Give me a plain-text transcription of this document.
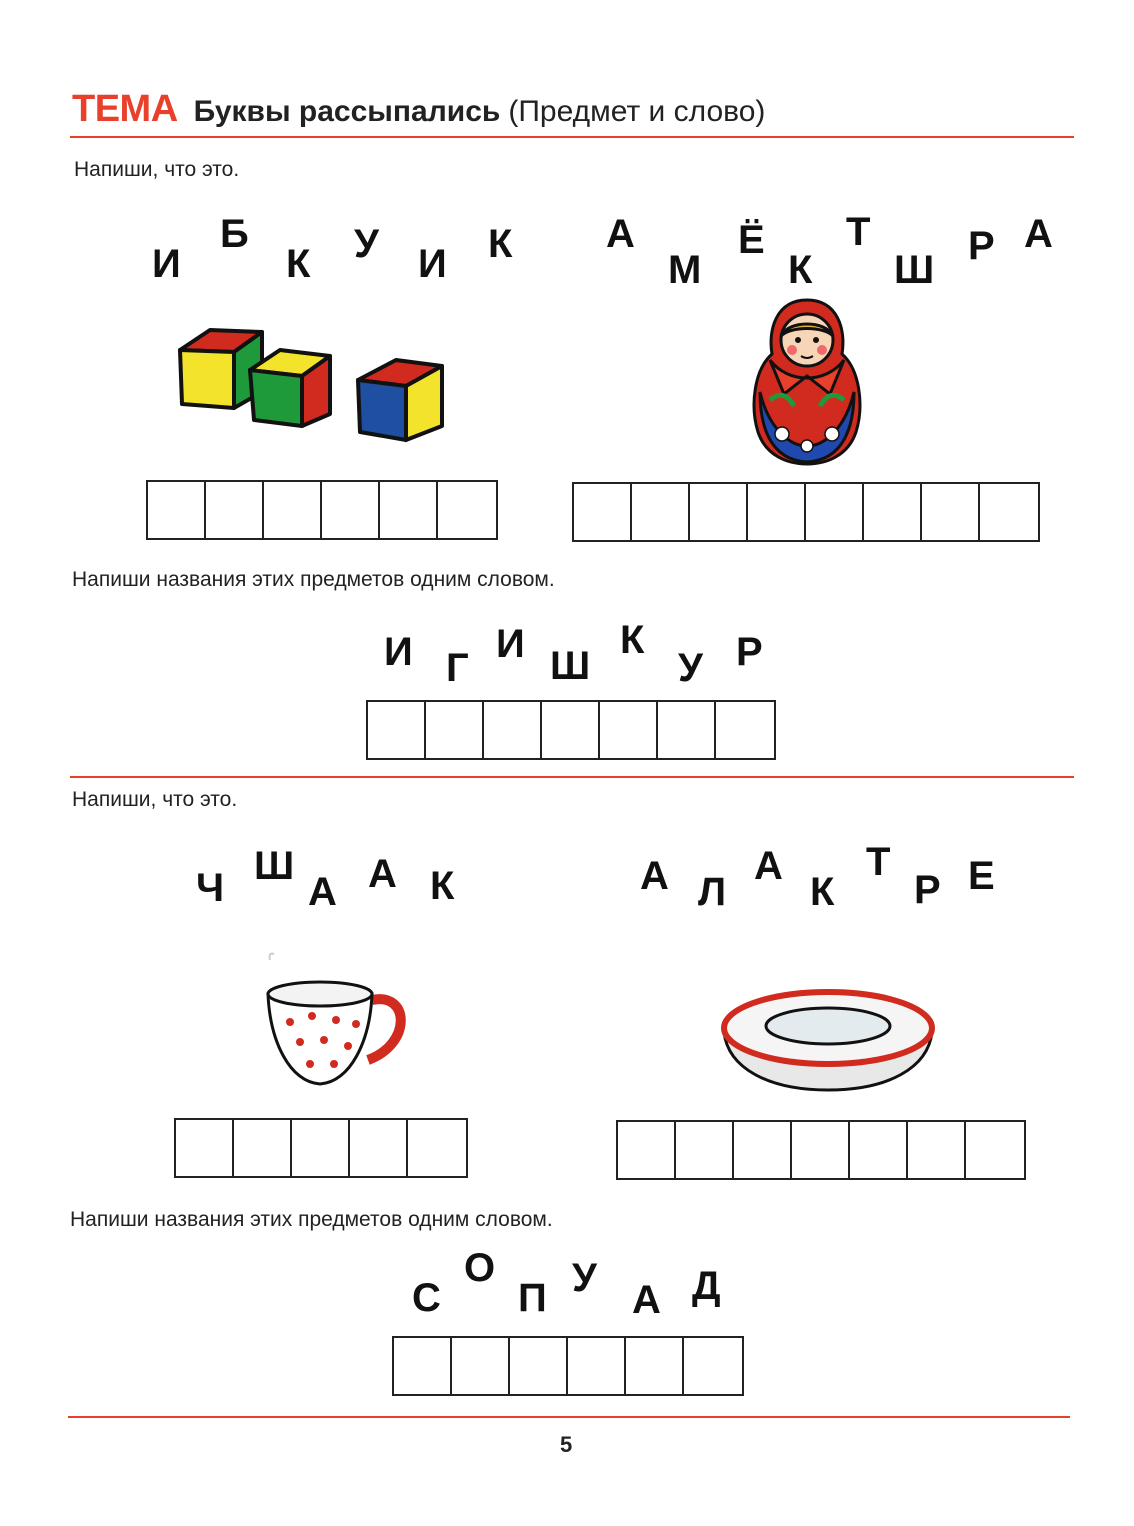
ТЕМА Буквы рассыпались (Предмет и слово)
Напиши, что это.
И
Б
К У И К А
М
Ё
К
Т
Ш
Р А
Напиши названия этих предметов одним словом.
И Г
И Ш
К
У Р
Напиши, что это.
Ч Ш
А А К	А Л
А
К
Т
Р Е
Напиши названия этих предметов одним словом.
С
О
П У А Д
5
